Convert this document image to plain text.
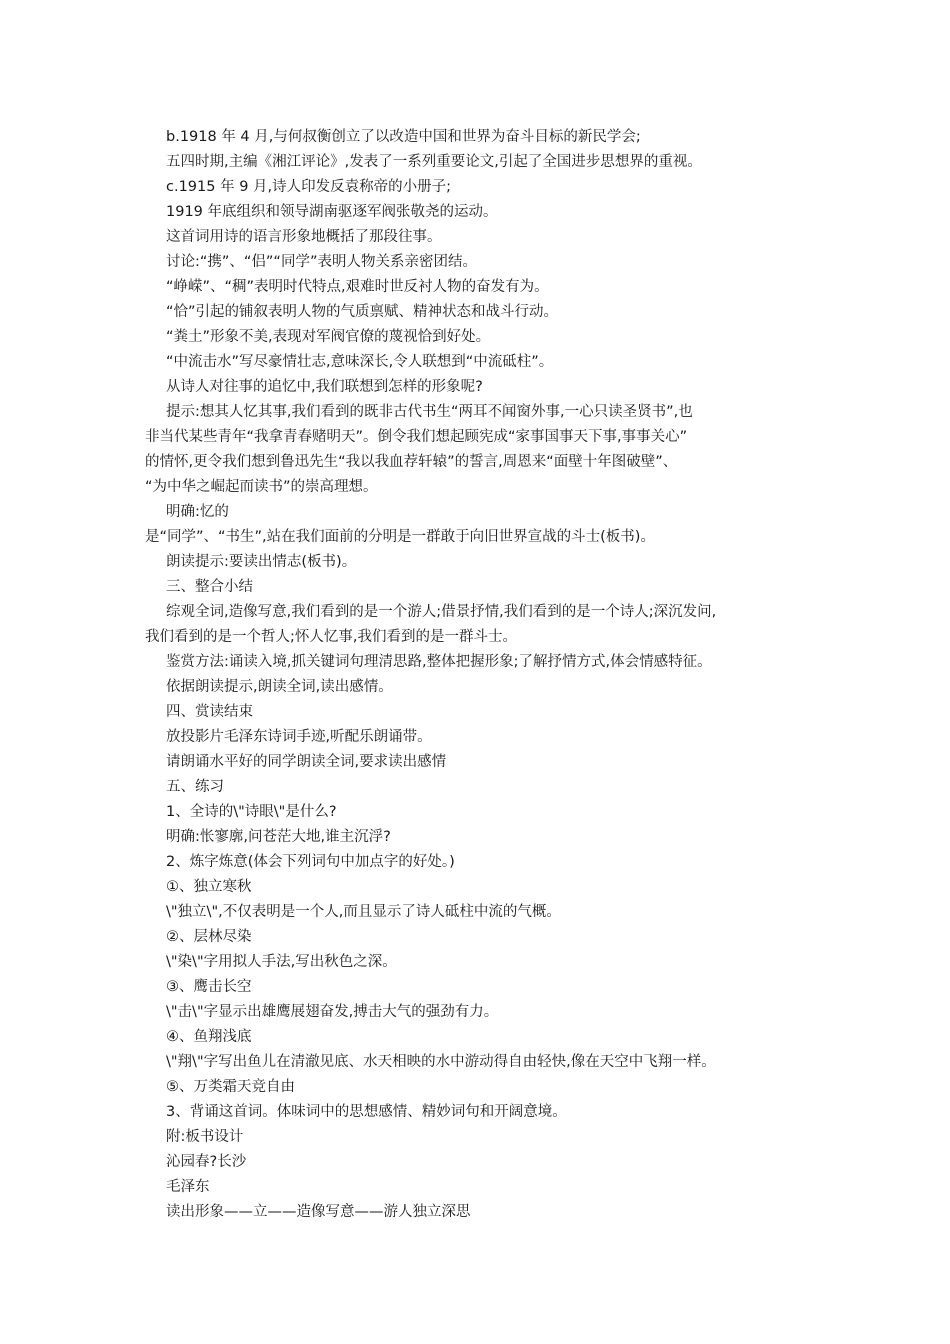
b.1918 年 4 月,与何叔衡创立了以改造中国和世界为奋斗目标的新民学会;
五四时期,主编《湘江评论》,发表了一系列重要论文,引起了全国进步思想界的重视。
c.1915 年 9 月,诗人印发反袁称帝的小册子;
1919 年底组织和领导湖南驱逐军阀张敬尧的运动。
这首词用诗的语言形象地概括了那段往事。
讨论:“携”、“侣”“同学”表明人物关系亲密团结。
“峥嵘”、“稠”表明时代特点,艰难时世反衬人物的奋发有为。
“恰”引起的铺叙表明人物的气质禀赋、精神状态和战斗行动。
“粪土”形象不美,表现对军阀官僚的蔑视恰到好处。
“中流击水”写尽豪情壮志,意味深长,令人联想到“中流砥柱”。
从诗人对往事的追忆中,我们联想到怎样的形象呢?
提示:想其人忆其事,我们看到的既非古代书生“两耳不闻窗外事,一心只读圣贤书”,也
非当代某些青年“我拿青春赌明天”。倒令我们想起顾宪成“家事国事天下事,事事关心”
的情怀,更令我们想到鲁迅先生“我以我血荐轩辕”的誓言,周恩来“面壁十年图破壁”、
“为中华之崛起而读书”的崇高理想。
明确:忆的
是“同学”、“书生”,站在我们面前的分明是一群敢于向旧世界宣战的斗士(板书)。
朗读提示:要读出情志(板书)。
三、整合小结
综观全词,造像写意,我们看到的是一个游人;借景抒情,我们看到的是一个诗人;深沉发问,
我们看到的是一个哲人;怀人忆事,我们看到的是一群斗士。
鉴赏方法:诵读入境,抓关键词句理清思路,整体把握形象;了解抒情方式,体会情感特征。
依据朗读提示,朗读全词,读出感情。
四、赏读结束
放投影片毛泽东诗词手迹,听配乐朗诵带。
请朗诵水平好的同学朗读全词,要求读出感情
五、练习
1、全诗的\"诗眼\"是什么?
明确:怅寥廓,问苍茫大地,谁主沉浮?
2、炼字炼意(体会下列词句中加点字的好处。)
①、独立寒秋
\"独立\",不仅表明是一个人,而且显示了诗人砥柱中流的气概。
②、层林尽染
\"染\"字用拟人手法,写出秋色之深。
③、鹰击长空
\"击\"字显示出雄鹰展翅奋发,搏击大气的强劲有力。
④、鱼翔浅底
\"翔\"字写出鱼儿在清澈见底、水天相映的水中游动得自由轻快,像在天空中飞翔一样。
⑤、万类霜天竞自由
3、背诵这首词。体味词中的思想感情、精妙词句和开阔意境。
附:板书设计
沁园春?长沙
毛泽东
读出形象——立——造像写意——游人独立深思
